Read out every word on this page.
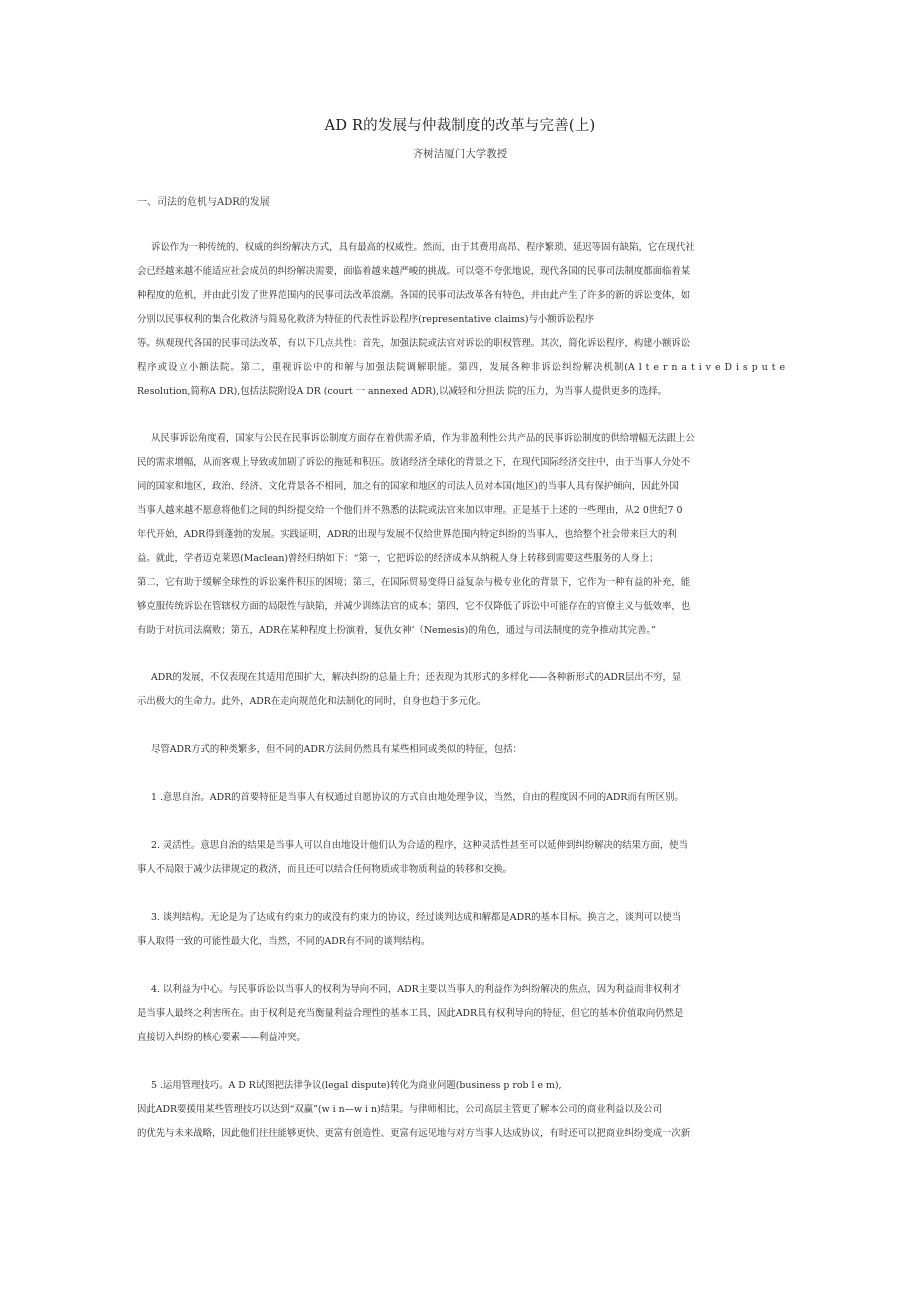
AD R的发展与仲裁制度的改革与完善(上)
齐树洁厦门大学教授
一、司法的危机与ADR的发展
诉讼作为一种传统的、权威的纠纷解决方式，具有最高的权威性。然而，由于其费用高昂、程序繁琐、延迟等固有缺陷，它在现代社
会已经越来越不能适应社会成员的纠纷解决需要，面临着越来越严峻的挑战。可以毫不夸张地说，现代各国的民事司法制度都面临着某
种程度的危机，并由此引发了世界范围内的民事司法改革浪潮。各国的民事司法改革各有特色，并由此产生了许多的新的诉讼变体，如
分别以民事权利的集合化救济与简易化救济为特征的代表性诉讼程序(representative claims)与小额诉讼程序
等。纵观现代各国的民事司法改革，有以下几点共性：首先，加强法院或法官对诉讼的职权管理。其次，简化诉讼程序，构建小额诉讼
程序或设立小额法院。第二，重视诉讼中的和解与加强法院调解职能。第四，发展各种非诉讼纠纷解决机制(A l t e r n a t i v e D i s p u t e
Resolution,简称A DR),包括法院附设A DR (court 一 annexed ADR),以减轻和分担法 院的压力，为当事人提供更多的选择。
从民事诉讼角度看，国家与公民在民事诉讼制度方面存在着供需矛盾，作为非盈利性公共产品的民事诉讼制度的供给增幅无法跟上公
民的需求增幅，从而客观上导致或加剧了诉讼的拖延和积压。放诸经济全球化的背景之下，在现代国际经济交往中，由于当事人分处不
同的国家和地区，政治、经济、文化背景各不相同，加之有的国家和地区的司法人员对本国(地区)的当事人具有保护倾向，因此外国
当事人越来越不愿意将他们之间的纠纷提交给一个他们并不熟悉的法院或法官来加以审理。正是基于上述的一些理由，从2 0世纪7 0
年代开始，ADR得到蓬勃的发展。实践证明，ADR的出现与发展不仅给世界范围内特定纠纷的当事人，也给整个社会带来巨大的利
益。就此，学者迈克莱恩(Maclean)曾经归纳如下：“第一，它把诉讼的经济成本从纳税人身上转移到需要这些服务的人身上；
第二，它有助于缓解全球性的诉讼案件积压的困境；第三，在国际贸易变得日益复杂与极专业化的背景下，它作为一种有益的补充，能
够克服传统诉讼在管辖权方面的局限性与缺陷，并减少训练法官的成本；第四，它不仅降低了诉讼中可能存在的官僚主义与低效率，也
有助于对抗司法腐败；第五，ADR在某种程度上扮演着，复仇女神’（Nemesis)的角色，通过与司法制度的竞争推动其完善。”
ADR的发展，不仅表现在其适用范围扩大，解决纠纷的总量上升；还表现为其形式的多样化——各种新形式的ADR层出不穷，显
示出极大的生命力。此外，ADR在走向规范化和法制化的同时，自身也趋于多元化。
尽管ADR方式的种类繁多，但不同的ADR方法间仍然具有某些相同或类似的特征，包括：
1 .意思自治。ADR的首要特征是当事人有权通过自愿协议的方式自由地处理争议，当然，自由的程度因不同的ADR而有所区别。
2. 灵活性。意思自治的结果是当事人可以自由地设计他们认为合适的程序，这种灵活性甚至可以延伸到纠纷解决的结果方面，使当
事人不局限于减少法律规定的救济，而且还可以结合任何物质或非物质利益的转移和交换。
3. 谈判结构。无论是为了达成有约束力的或没有约束力的协议，经过谈判达成和解都是ADR的基本目标。换言之，谈判可以使当
事人取得一致的可能性最大化，当然，不同的ADR有不同的谈判结构。
4. 以利益为中心。与民事诉讼以当事人的权利为导向不同，ADR主要以当事人的利益作为纠纷解决的焦点，因为利益而非权利才
是当事人最终之利害所在。由于权利是充当衡量利益合理性的基本工具，因此ADR具有权利导向的特征，但它的基本价值取向仍然是
直接切入纠纷的核心要素——利益冲突。
5 .运用管理技巧。A D R试图把法律争议(legal dispute)转化为商业问题(business p rob l e m),
因此ADR要援用某些管理技巧以达到“双赢”(w i n—w i n)结果。与律师相比，公司高层主管更了解本公司的商业利益以及公司
的优先与未来战略，因此他们往往能够更快、更富有创造性、更富有远见地与对方当事人达成协议，有时还可以把商业纠纷变成一次新
